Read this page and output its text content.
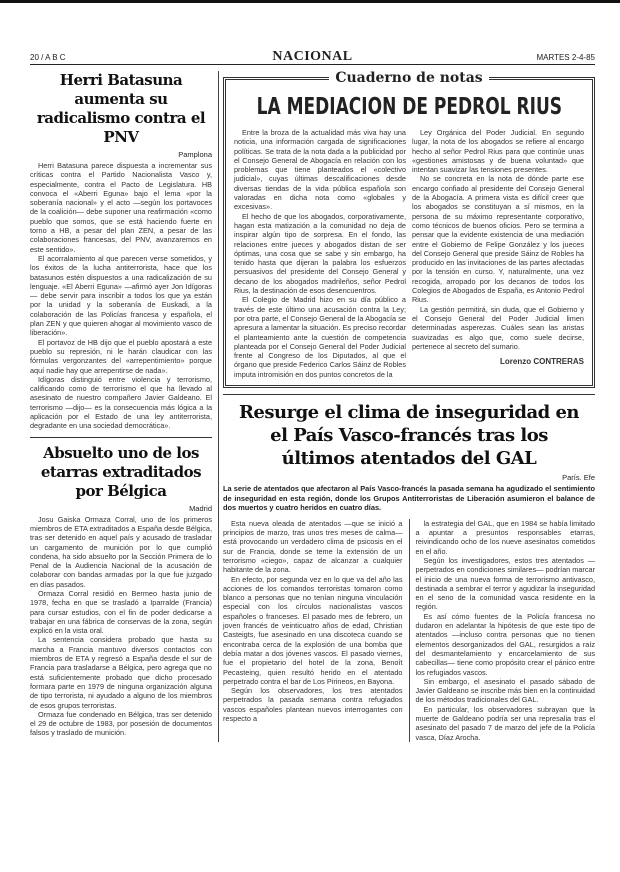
20 / A B C	NACIONAL	MARTES 2-4-85
Herri Batasuna aumenta su radicalismo contra el PNV
Pamplona

Herri Batasuna parece dispuesta a incrementar sus críticas contra el Partido Nacionalista Vasco y, especialmente, contra el Pacto de Legislatura. HB convoca el «Aberri Eguna» bajo el lema «por la soberanía nacional» y el acto —según los portavoces de la coalición— debe suponer una reafirmación «como pueblo que somos, que se está haciendo fuerte en torno a HB, a pesar del plan ZEN, a pesar de las colaboraciones francesas, del PNV, avanzaremos en este sentido».

El acorralamiento al que parecen verse sometidos, y los éxitos de la lucha antiterrorista, hace que los batasunos estén dispuestos a una radicalización de su lenguaje. «El Aberri Eguna» —afirmó ayer Jon Idígoras— debe servir para inscribir a todos los que ya están por la unidad y la soberanía de Euskadi, a la colaboración de las Policías francesa y española, el plan ZEN y que quieren ahogar al movimiento vasco de liberación».

El portavoz de HB dijo que el pueblo apostará a este pueblo su represión, ni le harán claudicar con las fórmulas vergonzantes del «arrepentimiento» porque aquí nadie hay que arrepentirse de nada».

Idígoras distinguió entre violencia y terrorismo, calificando como de terrorismo el que ha llevado al asesinato de nuestro compañero Javier Galdeano. El terrorismo —dijo— es la consecuencia más lógica a la aplicación por el Estado de una ley antiterrorista, degradante en una sociedad democrática».

Absuelto uno de los etarras extraditados por Bélgica
Madrid

Josu Gaiska Ormaza Corral, uno de los primeros miembros de ETA extraditados a España desde Bélgica, tras ser detenido en aquel país y acusado de trasladar un cargamento de munición por lo que cumplió condena, ha sido absuelto por la Sección Primera de lo Penal de la Audiencia Nacional de la acusación de colaborar con bandas armadas por la que fue juzgado en días pasados.

Ormaza Corral residió en Bermeo hasta junio de 1978, fecha en que se trasladó a Iparralde (Francia) para cursar estudios, con el fin de poder dedicarse a trabajar en una fábrica de conservas de la zona, según explicó en la vista oral.

La sentencia considera probado que hasta su marcha a Francia mantuvo diversos contactos con miembros de ETA y regresó a España desde el sur de Francia para trasladarse a Bélgica, pero agrega que no está suficientemente probado que dicho procesado formara parte en 1979 de ninguna organización alguna de tipo terrorista, ni ayudado a alguno de los miembros de esos grupos terroristas.

Ormaza fue condenado en Bélgica, tras ser detenido el 29 de octubre de 1983, por posesión de documentos falsos y traslado de munición.

Cuaderno de notas
LA MEDIACION DE PEDROL RIUS

Entre la broza de la actualidad más viva hay una noticia, una información cargada de significaciones políticas. Se trata de la nota dada a la publicidad por el Consejo General de Abogacía en relación con los problemas que tiene planteados el «colectivo judicial», cuyas últimas descalificaciones desde diversas tiendas de la vida pública española son valoradas en dicha nota como «globales y excesivas».

El hecho de que los abogados, corporativamente, hagan esta matización a la comunidad no deja de inspirar algún tipo de sorpresa. En el fondo, las relaciones entre jueces y abogados distan de ser óptimas, una cosa que se sabe y sin embargo, ha tenido hasta que dijeran la palabra los esfuerzos persuasivos del presidente del Consejo General y decano de los abogados madrileños, señor Pedrol Rius, la destinación de esos desencuentros.

El Colegio de Madrid hizo en su día público a través de este último una acusación contra la Ley; por otra parte, el Consejo General de la Abogacía se apresura a lamentar la situación. Es preciso recordar el planteamiento ante la cuestión de competencia planteada por el Consejo General del Poder Judicial frente al Congreso de los Diputados, al que el órgano que preside Federico Carlos Sáinz de Robles imputa intromisión en dos puntos concretos de la

Ley Orgánica del Poder Judicial. En segundo lugar, la nota de los abogados se refiere al encargo hecho al señor Pedrol Rius para que continúe unas «gestiones amistosas y de buena voluntad» que intentan suavizar las tensiones presentes.

No se concreta en la nota de dónde parte ese encargo confiado al presidente del Consejo General de la Abogacía. A primera vista es difícil creer que los abogados se constituyan a sí mismos, en la persona de su máximo representante corporativo, como técnicos de buenos oficios. Pero se termina a pensar que la evidente existencia de una mediación entre el Gobierno de Felipe González y los jueces del Consejo General que preside Sáinz de Robles ha producido en las invitaciones de las partes afectadas por la tensión en curso. Y, naturalmente, una vez recogida, arropado por los decanos de todos los Colegios de Abogados de España, es Antonio Pedrol Rius.

La gestión permitirá, sin duda, que el Gobierno y el Consejo General del Poder Judicial limen determinadas asperezas. Cuáles sean las aristas suavizadas es algo que, como suele decirse, pertenece al secreto del sumario.

Lorenzo CONTRERAS
Resurge el clima de inseguridad en el País Vasco-francés tras los últimos atentados del GAL
París. Efe
La serie de atentados que afectaron al País Vasco-francés la pasada semana ha agudizado el sentimiento de inseguridad en esta región, donde los Grupos Antiterroristas de Liberación asumieron el balance de dos muertos y cuatro heridos en cuatro días.

Esta nueva oleada de atentados —que se inició a principios de marzo, tras unos tres meses de calma— está provocando un verdadero clima de psicosis en el sur de Francia, donde se teme la extensión de un terrorismo «ciego», capaz de alcanzar a cualquier habitante de la zona.

En efecto, por segunda vez en lo que va del año las acciones de los comandos terroristas tomaron como blanco a personas que no tenían ninguna vinculación especial con los círculos nacionalistas vascos españoles o franceses. El pasado mes de febrero, un joven francés de veinticuatro años de edad, Christian Casteigts, fue asesinado en una discoteca cuando se encontraba cerca de la explosión de una bomba que debía matar a dos jóvenes vascos. El pasado viernes, fue el propietario del hotel de la zona, Benoît Pecasteing, quien resultó herido en el atentado perpetrado contra el bar de Los Pirineos, en Bayona.

Según los observadores, los tres atentados perpetrados la pasada semana contra refugiados vascos españoles plantean nuevos interrogantes con respecto a

la estrategia del GAL, que en 1984 se había limitado a apuntar a presuntos responsables etarras, reivindicando ocho de los nueve asesinatos cometidos en el año.

Según los investigadores, estos tres atentados —perpetrados en condiciones similares— podrían marcar el inicio de una nueva forma de terrorismo antivasco, destinada a sembrar el terror y agudizar la inseguridad en el seno de la comunidad vasca residente en la región.

Es así cómo fuentes de la Policía francesa no dudaron en adelantar la hipótesis de que este tipo de atentados —incluso contra personas que no tienen elementos desorganizados del GAL, resurgidos a raíz del desmantelamiento y encarcelamiento de sus cabecillas— tiene como propósito crear el pánico entre los refugiados vascos.

Sin embargo, el asesinato el pasado sábado de Javier Galdeano se inscribe más bien en la continuidad de los métodos tradicionales del GAL.

En particular, los observadores subrayan que la muerte de Galdeano podría ser una represalia tras el asesinato del pasado 7 de marzo del jefe de la Policía vasca, Díaz Arocha.
